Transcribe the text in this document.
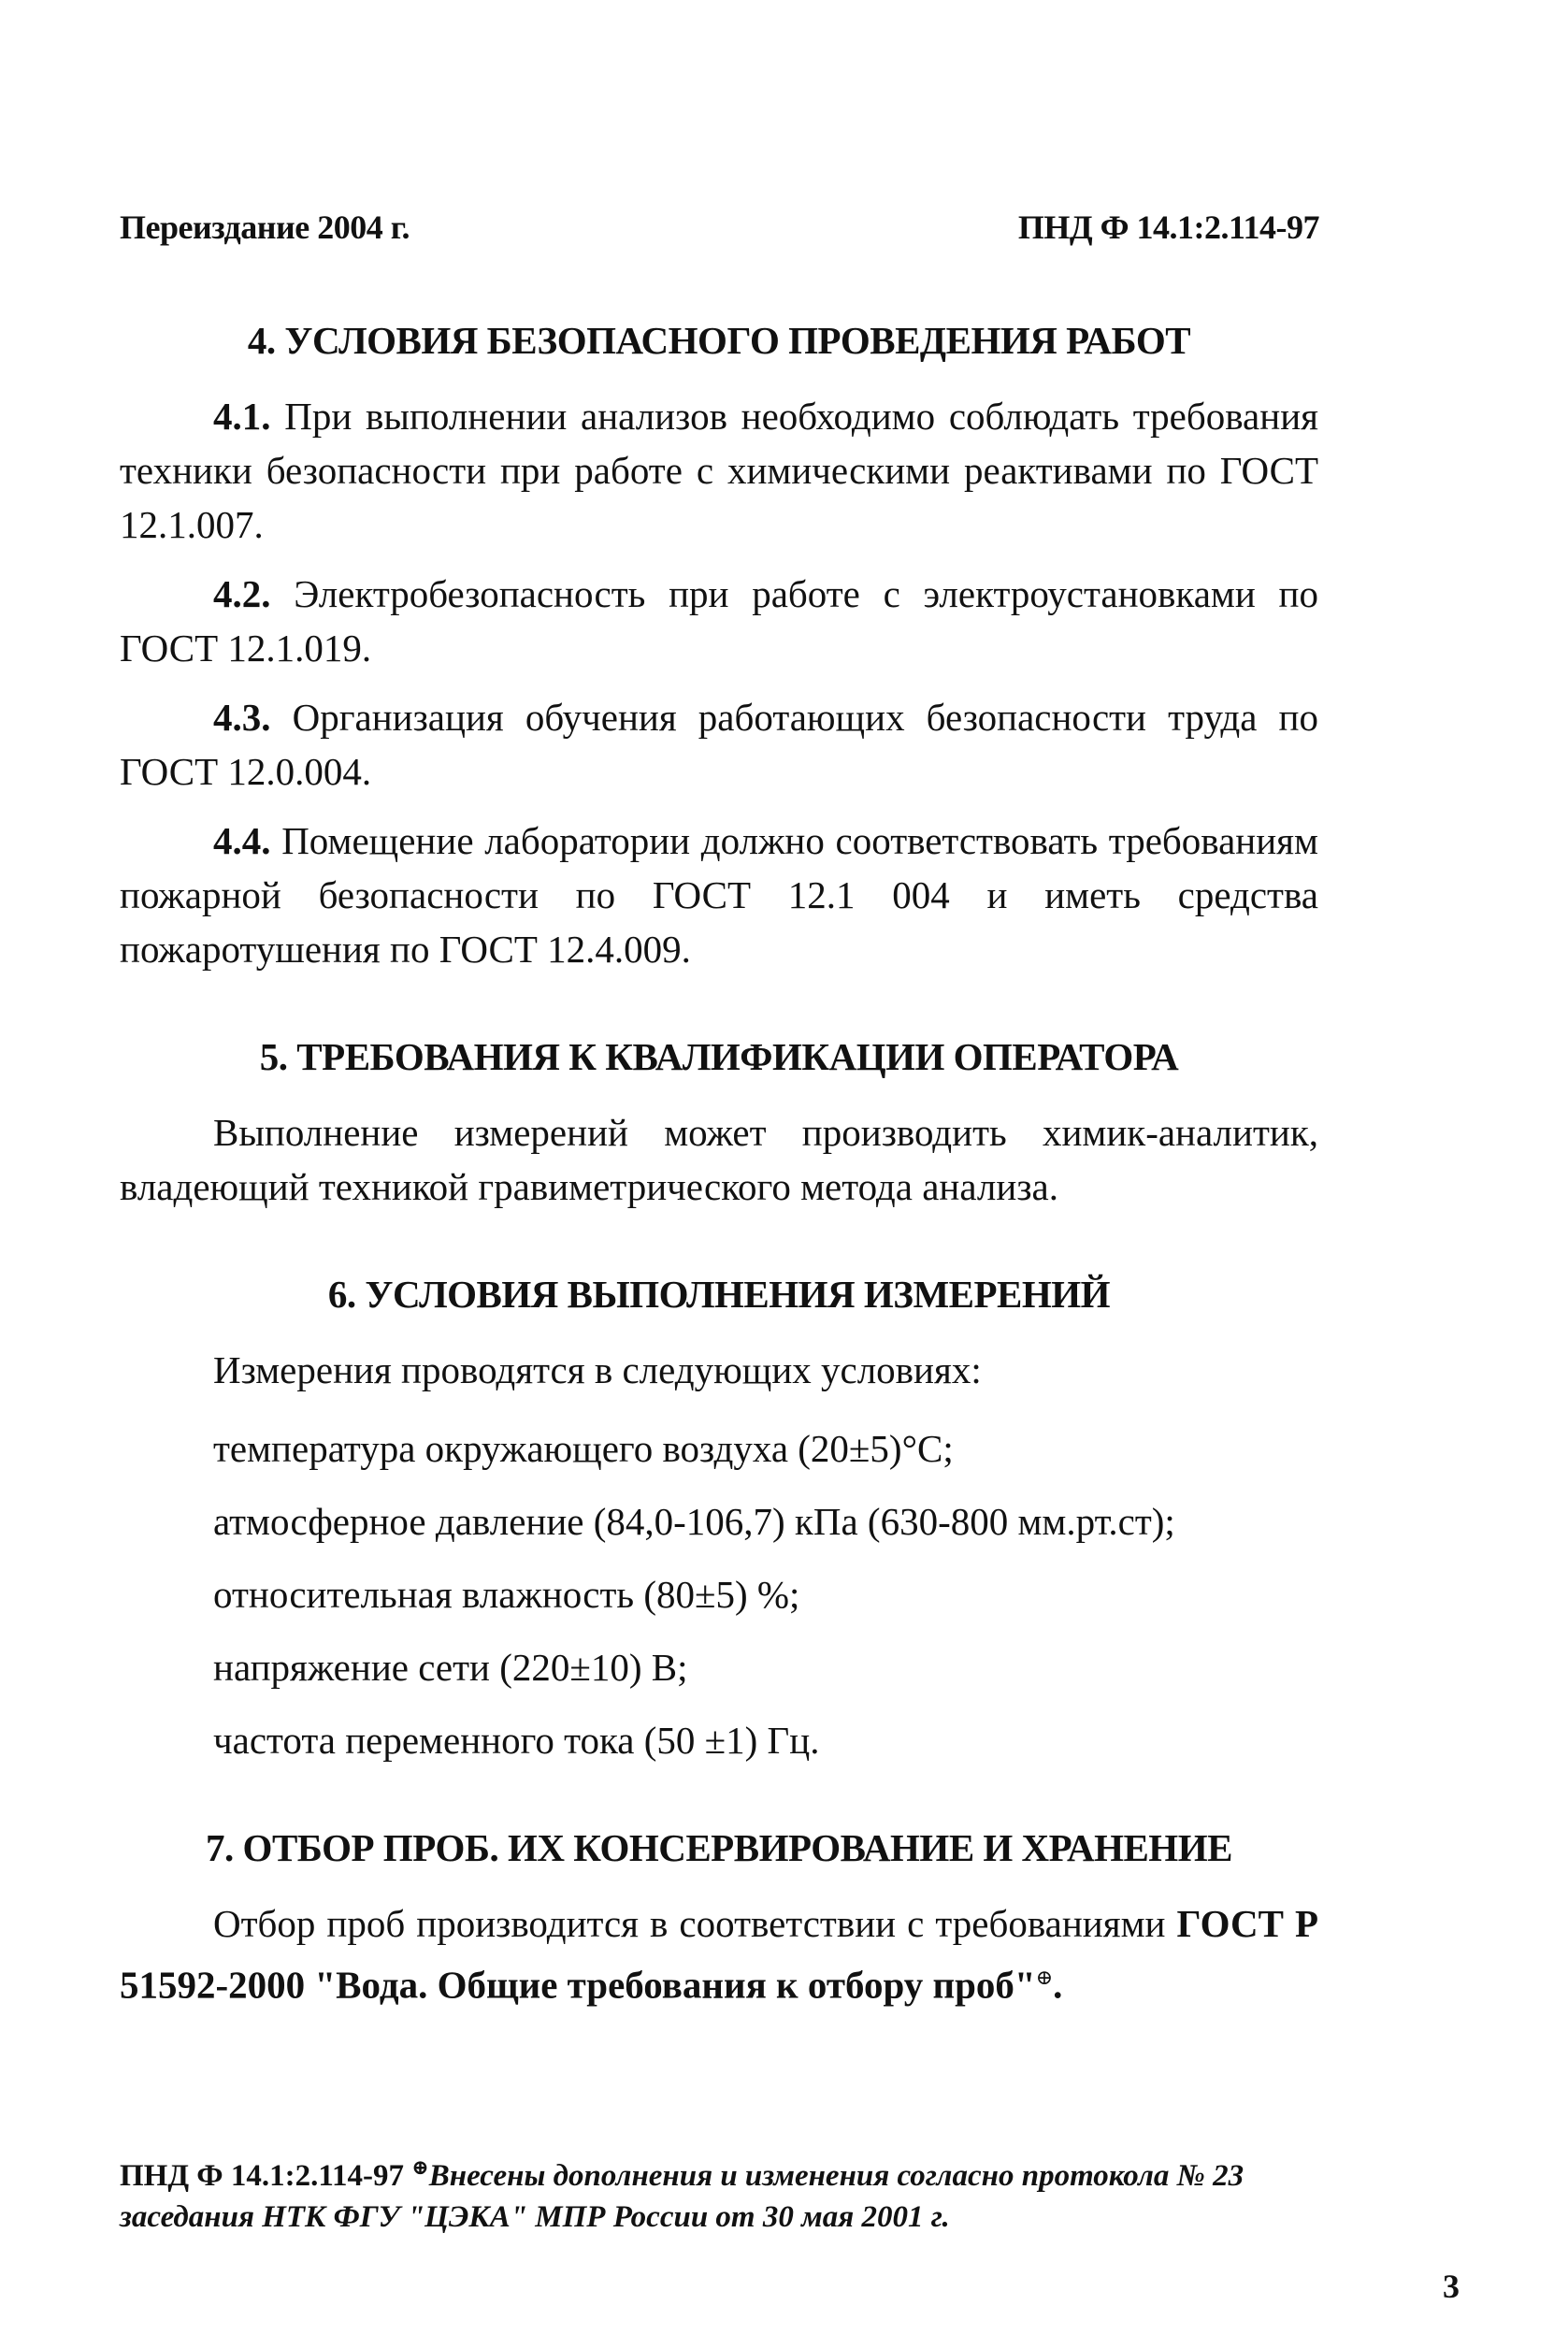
Переиздание 2004 г.	ПНД Ф 14.1:2.114-97
4. УСЛОВИЯ БЕЗОПАСНОГО ПРОВЕДЕНИЯ РАБОТ

4.1. При выполнении анализов необходимо соблюдать требования техники безопасности при работе с химическими реактивами по ГОСТ 12.1.007.

4.2. Электробезопасность при работе с электроустановками по ГОСТ 12.1.019.

4.3. Организация обучения работающих безопасности труда по ГОСТ 12.0.004.

4.4. Помещение лаборатории должно соответствовать требованиям пожарной безопасности по ГОСТ 12.1 004 и иметь средства пожаротушения по ГОСТ 12.4.009.

5. ТРЕБОВАНИЯ К КВАЛИФИКАЦИИ ОПЕРАТОРА

Выполнение измерений может производить химик-аналитик, владеющий техникой гравиметрического метода анализа.

6. УСЛОВИЯ ВЫПОЛНЕНИЯ ИЗМЕРЕНИЙ

Измерения проводятся в следующих условиях:

температура окружающего воздуха (20±5)°С;

атмосферное давление (84,0-106,7) кПа (630-800 мм.рт.ст);

относительная влажность (80±5) %;

напряжение сети (220±10) В;

частота переменного тока (50 ±1) Гц.

7. ОТБОР ПРОБ. ИХ КОНСЕРВИРОВАНИЕ И ХРАНЕНИЕ

Отбор проб производится в соответствии с требованиями ГОСТ Р 51592-2000 "Вода. Общие требования к отбору проб"⊕.

ПНД Ф 14.1:2.114-97 ⊕Внесены дополнения и изменения согласно протокола № 23 заседания НТК ФГУ "ЦЭКА" МПР России от 30 мая 2001 г.
3
